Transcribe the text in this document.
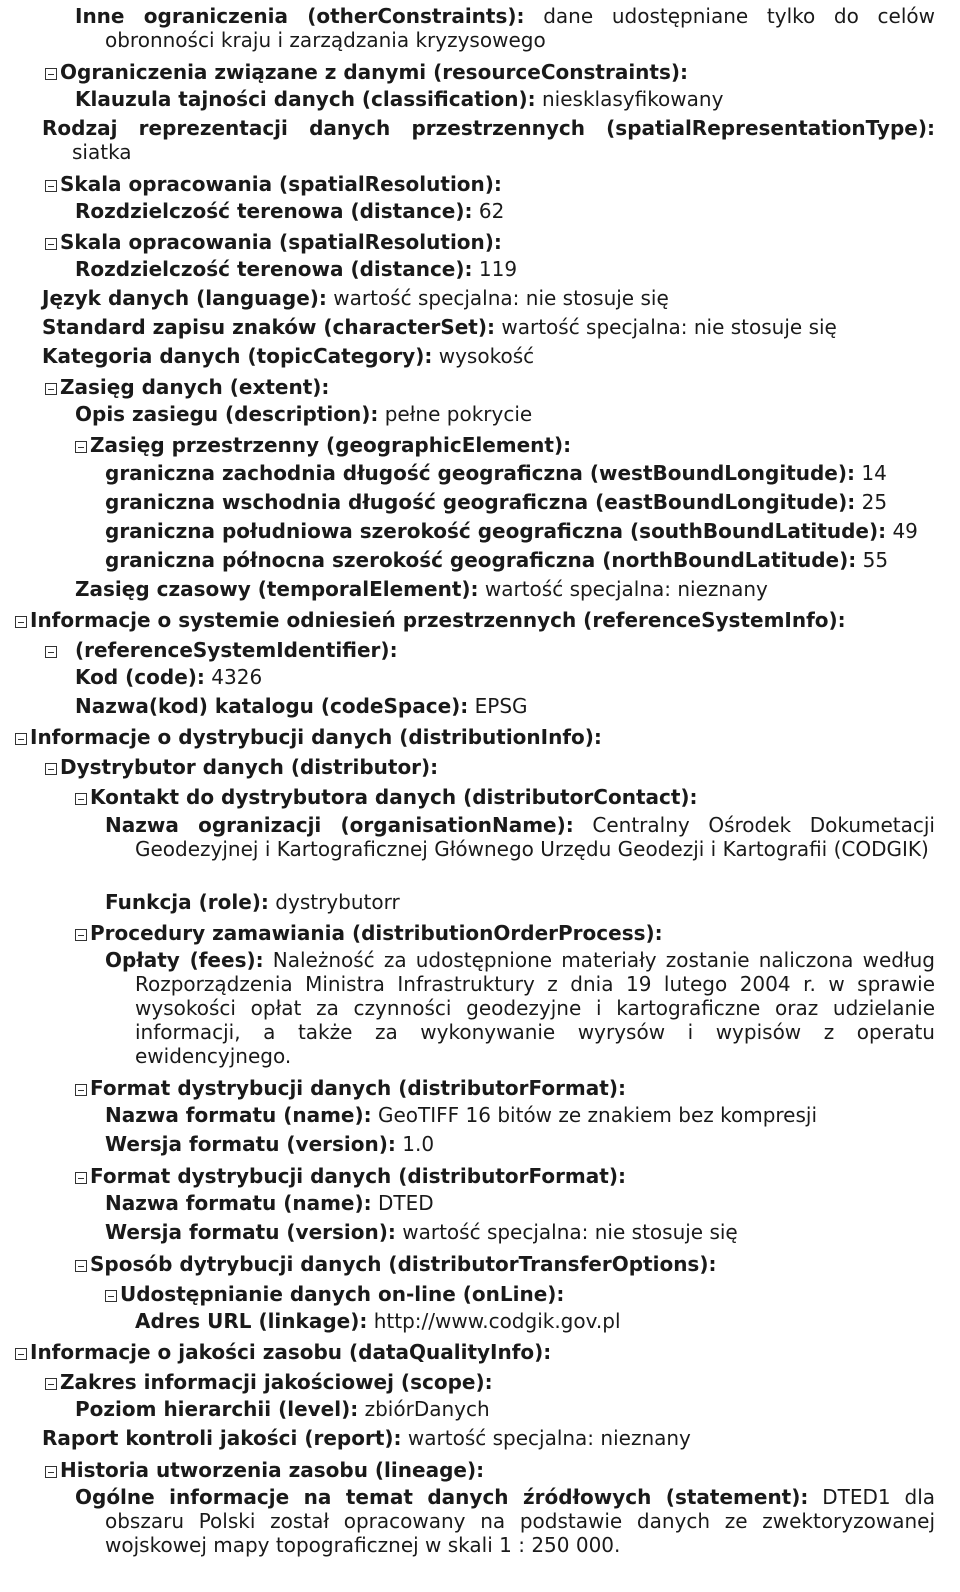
Inne ograniczenia (otherConstraints): dane udostępniane tylko do celów obronności kraju i zarządzania kryzysowego
Ograniczenia związane z danymi (resourceConstraints):
Klauzula tajności danych (classification): niesklasyfikowany
Rodzaj reprezentacji danych przestrzennych (spatialRepresentationType): siatka
Skala opracowania (spatialResolution):
Rozdzielczość terenowa (distance): 62
Skala opracowania (spatialResolution):
Rozdzielczość terenowa (distance): 119
Język danych (language): wartość specjalna: nie stosuje się
Standard zapisu znaków (characterSet): wartość specjalna: nie stosuje się
Kategoria danych (topicCategory): wysokość
Zasięg danych (extent):
Opis zasiegu (description): pełne pokrycie
Zasięg przestrzenny (geographicElement):
graniczna zachodnia długość geograficzna (westBoundLongitude): 14
graniczna wschodnia długość geograficzna (eastBoundLongitude): 25
graniczna południowa szerokość geograficzna (southBoundLatitude): 49
graniczna północna szerokość geograficzna (northBoundLatitude): 55
Zasięg czasowy (temporalElement): wartość specjalna: nieznany
Informacje o systemie odniesień przestrzennych (referenceSystemInfo):
(referenceSystemIdentifier):
Kod (code): 4326
Nazwa(kod) katalogu (codeSpace): EPSG
Informacje o dystrybucji danych (distributionInfo):
Dystrybutor danych (distributor):
Kontakt do dystrybutora danych (distributorContact):
Nazwa ogranizacji (organisationName): Centralny Ośrodek Dokumetacji Geodezyjnej i Kartograficznej Głównego Urzędu Geodezji i Kartografii (CODGIK)
Funkcja (role): dystrybutorr
Procedury zamawiania (distributionOrderProcess):
Opłaty (fees): Należność za udostępnione materiały zostanie naliczona według Rozporządzenia Ministra Infrastruktury z dnia 19 lutego 2004 r. w sprawie wysokości opłat za czynności geodezyjne i kartograficzne oraz udzielanie informacji, a także za wykonywanie wyrysów i wypisów z operatu ewidencyjnego.
Format dystrybucji danych (distributorFormat):
Nazwa formatu (name): GeoTIFF 16 bitów ze znakiem bez kompresji
Wersja formatu (version): 1.0
Format dystrybucji danych (distributorFormat):
Nazwa formatu (name): DTED
Wersja formatu (version): wartość specjalna: nie stosuje się
Sposób dytrybucji danych (distributorTransferOptions):
Udostępnianie danych on-line (onLine):
Adres URL (linkage): http://www.codgik.gov.pl
Informacje o jakości zasobu (dataQualityInfo):
Zakres informacji jakościowej (scope):
Poziom hierarchii (level): zbiórDanych
Raport kontroli jakości (report): wartość specjalna: nieznany
Historia utworzenia zasobu (lineage):
Ogólne informacje na temat danych źródłowych (statement): DTED1 dla obszaru Polski został opracowany na podstawie danych ze zwektoryzowanej wojskowej mapy topograficznej w skali 1 : 250 000.
